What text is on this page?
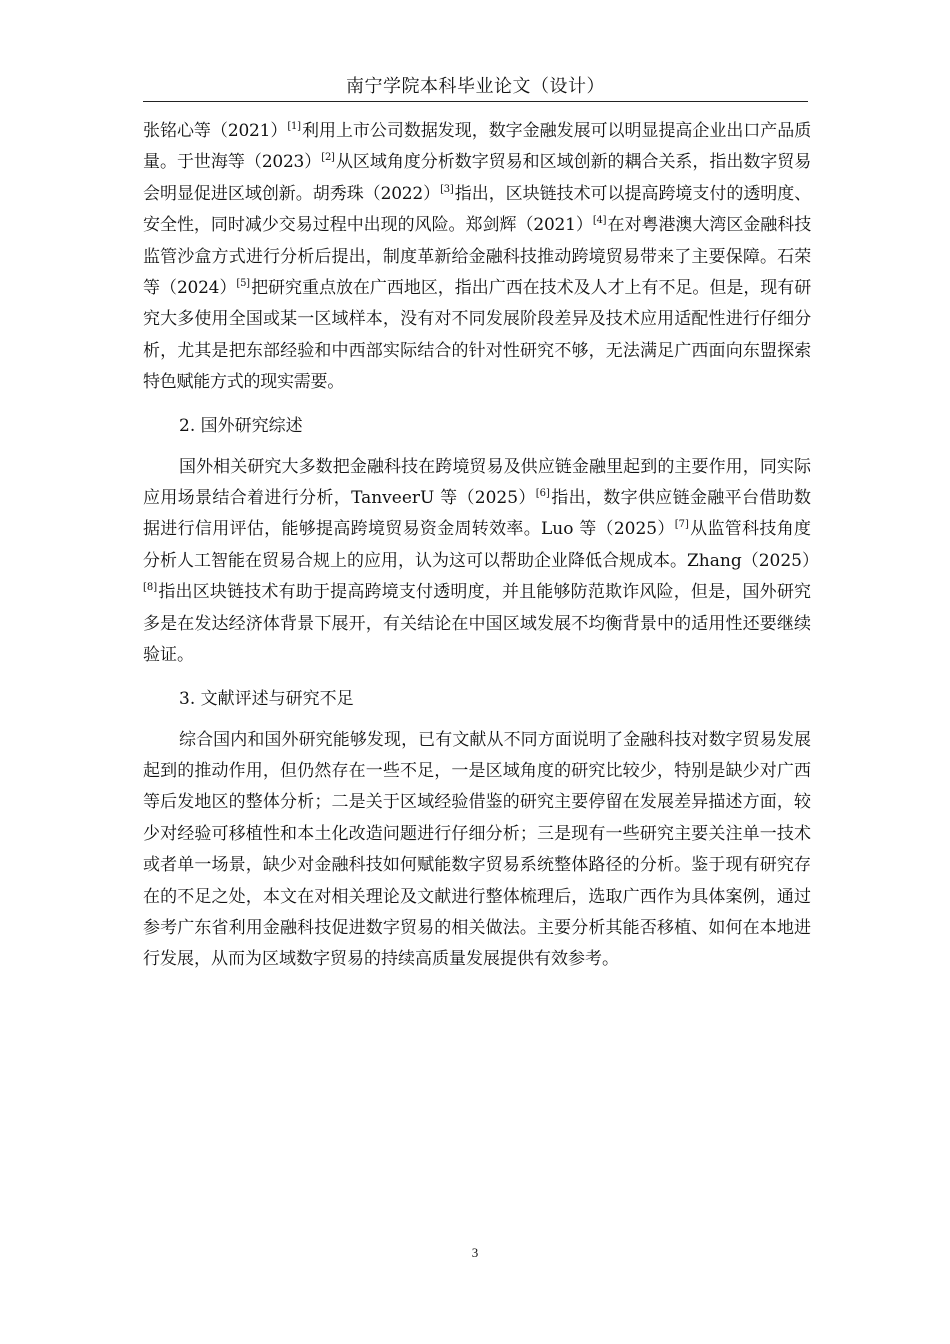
南宁学院本科毕业论文（设计）

张铭心等（2021）[1]利用上市公司数据发现，数字金融发展可以明显提高企业出口产品质量。于世海等（2023）[2]从区域角度分析数字贸易和区域创新的耦合关系，指出数字贸易会明显促进区域创新。胡秀珠（2022）[3]指出，区块链技术可以提高跨境支付的透明度、安全性，同时减少交易过程中出现的风险。郑剑辉（2021）[4]在对粤港澳大湾区金融科技监管沙盒方式进行分析后提出，制度革新给金融科技推动跨境贸易带来了主要保障。石荣等（2024）[5]把研究重点放在广西地区，指出广西在技术及人才上有不足。但是，现有研究大多使用全国或某一区域样本，没有对不同发展阶段差异及技术应用适配性进行仔细分析，尤其是把东部经验和中西部实际结合的针对性研究不够，无法满足广西面向东盟探索特色赋能方式的现实需要。

2. 国外研究综述

国外相关研究大多数把金融科技在跨境贸易及供应链金融里起到的主要作用，同实际应用场景结合着进行分析，TanveerU 等（2025）[6]指出，数字供应链金融平台借助数据进行信用评估，能够提高跨境贸易资金周转效率。Luo 等（2025）[7]从监管科技角度分析人工智能在贸易合规上的应用，认为这可以帮助企业降低合规成本。Zhang（2025）[8]指出区块链技术有助于提高跨境支付透明度，并且能够防范欺诈风险，但是，国外研究多是在发达经济体背景下展开，有关结论在中国区域发展不均衡背景中的适用性还要继续验证。

3. 文献评述与研究不足

综合国内和国外研究能够发现，已有文献从不同方面说明了金融科技对数字贸易发展起到的推动作用，但仍然存在一些不足，一是区域角度的研究比较少，特别是缺少对广西等后发地区的整体分析；二是关于区域经验借鉴的研究主要停留在发展差异描述方面，较少对经验可移植性和本土化改造问题进行仔细分析；三是现有一些研究主要关注单一技术或者单一场景，缺少对金融科技如何赋能数字贸易系统整体路径的分析。鉴于现有研究存在的不足之处，本文在对相关理论及文献进行整体梳理后，选取广西作为具体案例，通过参考广东省利用金融科技促进数字贸易的相关做法。主要分析其能否移植、如何在本地进行发展，从而为区域数字贸易的持续高质量发展提供有效参考。

3
